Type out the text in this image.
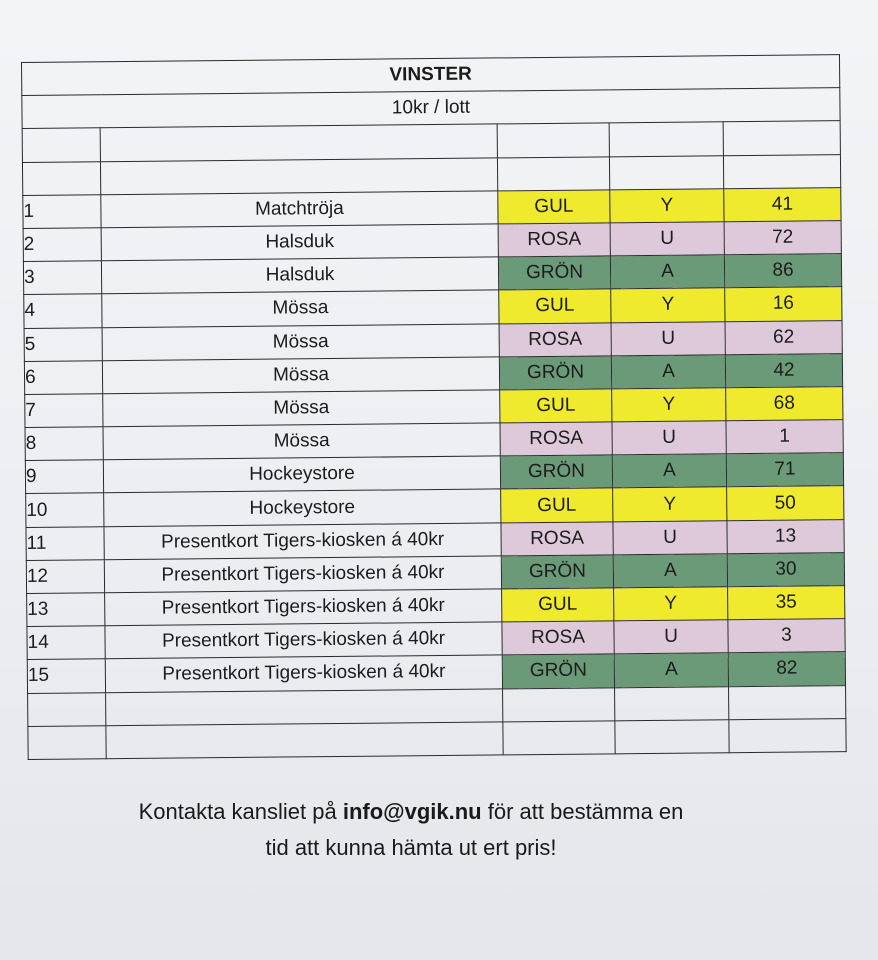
VINSTER				
10kr / lott				

1	Matchtröja	GUL	Y	41
2	Halsduk	ROSA	U	72
3	Halsduk	GRÖN	A	86
4	Mössa	GUL	Y	16
5	Mössa	ROSA	U	62
6	Mössa	GRÖN	A	42
7	Mössa	GUL	Y	68
8	Mössa	ROSA	U	1
9	Hockeystore	GRÖN	A	71
10	Hockeystore	GUL	Y	50
11	Presentkort Tigers-kiosken á 40kr	ROSA	U	13
12	Presentkort Tigers-kiosken á 40kr	GRÖN	A	30
13	Presentkort Tigers-kiosken á 40kr	GUL	Y	35
14	Presentkort Tigers-kiosken á 40kr	ROSA	U	3
15	Presentkort Tigers-kiosken á 40kr	GRÖN	A	82

Kontakta kansliet på info@vgik.nu för att bestämma en
tid att kunna hämta ut ert pris!
